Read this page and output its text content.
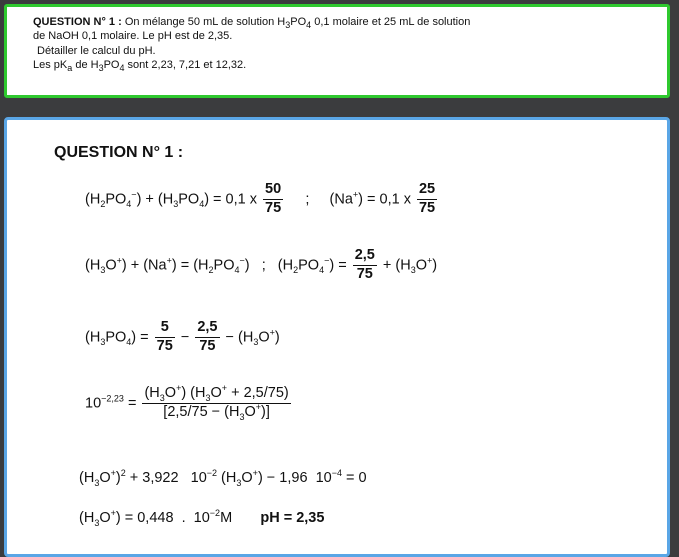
QUESTION N° 1 : On mélange 50 mL de solution $H_3PO_4$ 0,1 molaire et 25 mL de solution

de NaOH 0,1 molaire. Le pH est de 2,35.

Détailler le calcul du pH.

Les $pK_a$ de $H_3PO_4$ sont 2,23, 7,21 et 12,32.

QUESTION N° 1 :
$(H_2PO_4^-) + (H_3PO_4) = 0,1$ x $\frac{50}{75}$ ; (Na+) = 0,1 x $\frac{25}{75}$
$(H_3O^+) + (Na^+) = (H_2PO_4^-)$   ;   $(H_2PO_4^-) = \frac{2,5}{75} + (H_3O^+)$
$(H_3PO_4) = \frac{5}{75} - \frac{2,5}{75} - (H_3O^+)$
$10^{-2,23} = \frac{(H_3O^+) (H_3O^+ + 2,5/75)}{[2,5/75 - (H_3O^+)]}$
$(H_3O^+)^2 + 3,922$   $10^{-2}$ $(H_3O^+) - 1,96$  $10^{-4} = 0$
$(H_3O^+) = 0,448$  .  $10^{-2}M$       pH = 2,35
